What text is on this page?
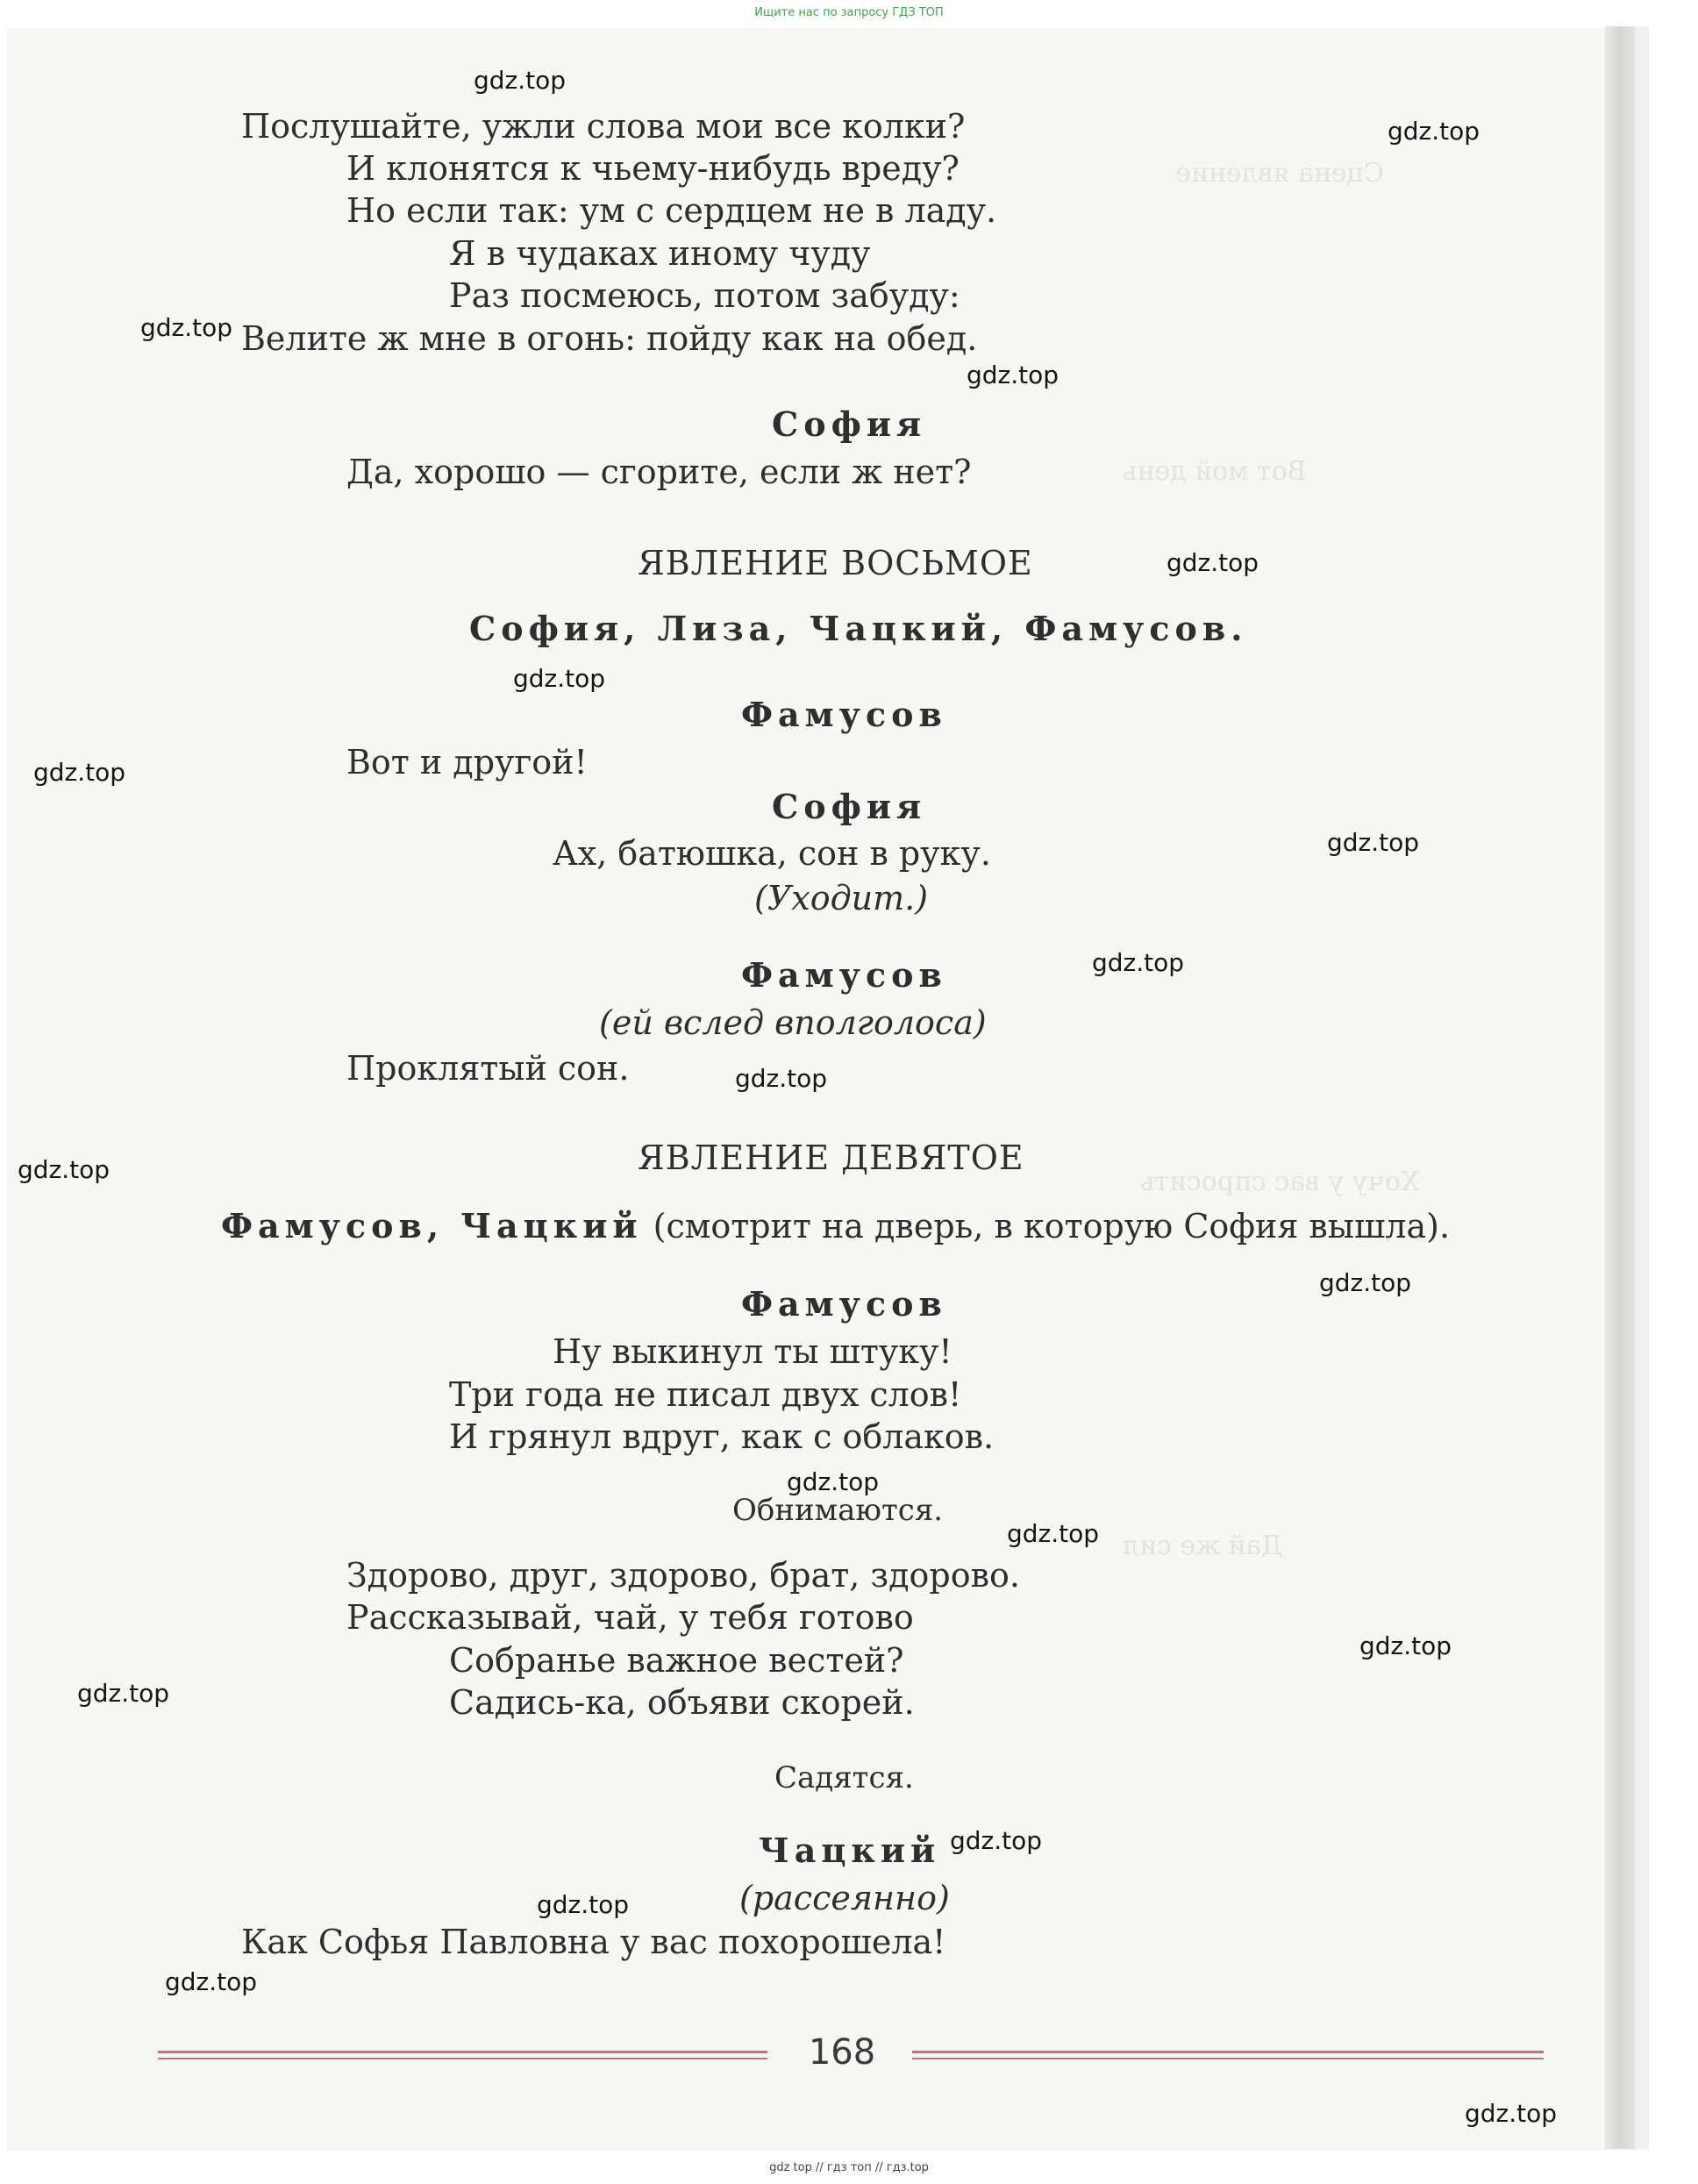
Ищите нас по запросу ГДЗ ТОП
Сцена явление
Вот мой день
Хочу у вас спросить
Дай же сил
Послушайте, ужли слова мои все колки?
И клонятся к чьему-нибудь вреду?
Но если так: ум с сердцем не в ладу.
Я в чудаках иному чуду
Раз посмеюсь, потом забуду:
Велите ж мне в огонь: пойду как на обед.
София
Да, хорошо — сгорите, если ж нет?
ЯВЛЕНИЕ ВОСЬМОЕ
София, Лиза, Чацкий, Фамусов.
Фамусов
Вот и другой!
София
Ах, батюшка, сон в руку.
(Уходит.)
Фамусов
(ей вслед вполголоса)
Проклятый сон.
ЯВЛЕНИЕ ДЕВЯТОЕ
Фамусов, Чацкий (смотрит на дверь, в которую София вышла).
Фамусов
Ну выкинул ты штуку!
Три года не писал двух слов!
И грянул вдруг, как с облаков.
Обнимаются.
Здорово, друг, здорово, брат, здорово.
Рассказывай, чай, у тебя готово
Собранье важное вестей?
Садись-ка, объяви скорей.
Садятся.
Чацкий
(рассеянно)
Как Софья Павловна у вас похорошела!
168
gdz.top
gdz.top
gdz.top
gdz.top
gdz.top
gdz.top
gdz.top
gdz.top
gdz.top
gdz.top
gdz.top
gdz.top
gdz.top
gdz.top
gdz.top
gdz.top
gdz.top
gdz.top
gdz.top
gdz.top
gdz top // гдз топ // гдз.top
